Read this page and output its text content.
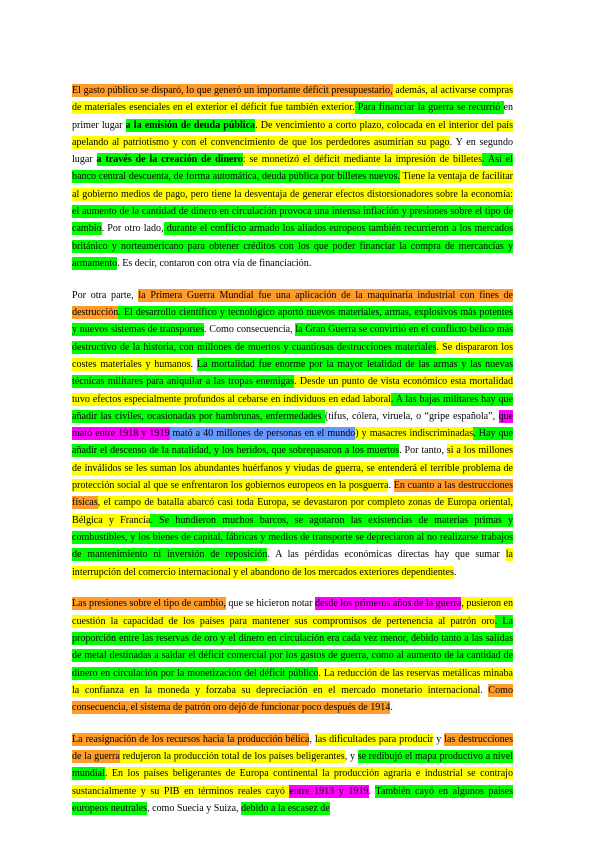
El gasto público se disparó, lo que generó un importante déficit presupuestario, además, al activarse compras de materiales esenciales en el exterior el déficit fue también exterior. Para financiar la guerra se recurrió en primer lugar a la emisión de deuda pública. De vencimiento a corto plazo, colocada en el interior del país apelando al patriotismo y con el convencimiento de que los perdedores asumirían su pago. Y en segundo lugar a través de la creación de dinero: se monetizó el déficit mediante la impresión de billetes. Así el banco central descuenta, de forma automática, deuda pública por billetes nuevos. Tiene la ventaja de facilitar al gobierno medios de pago, pero tiene la desventaja de generar efectos distorsionadores sobre la economía: el aumento de la cantidad de dinero en circulación provoca una intensa inflación y presiones sobre el tipo de cambio. Por otro lado, durante el conflicto armado los aliados europeos también recurrieron a los mercados británico y norteamericano para obtener créditos con los que poder financiar la compra de mercancías y armamento. Es decir, contaron con otra vía de financiación.

Por otra parte, la Primera Guerra Mundial fue una aplicación de la maquinaria industrial con fines de destrucción. El desarrollo científico y tecnológico aportó nuevos materiales, armas, explosivos más potentes y nuevos sistemas de transportes. Como consecuencia, la Gran Guerra se convirtió en el conflicto bélico más destructivo de la historia, con millones de muertos y cuantiosas destrucciones materiales. Se dispararon los costes materiales y humanos. La mortalidad fue enorme por la mayor letalidad de las armas y las nuevas técnicas militares para aniquilar a las tropas enemigas. Desde un punto de vista económico esta mortalidad tuvo efectos especialmente profundos al cebarse en individuos en edad laboral. A las bajas militares hay que añadir las civiles, ocasionadas por hambrunas, enfermedades (tifus, cólera, viruela, o “gripe española”, que mató entre 1918 y 1919 mató a 40 millones de personas en el mundo) y masacres indiscriminadas. Hay que añadir el descenso de la natalidad, y los heridos, que sobrepasaron a los muertos. Por tanto, si a los millones de inválidos se les suman los abundantes huérfanos y viudas de guerra, se entenderá el terrible problema de protección social al que se enfrentaron los gobiernos europeos en la posguerra. En cuanto a las destrucciones físicas, el campo de batalla abarcó casi toda Europa, se devastaron por completo zonas de Europa oriental, Bélgica y Francia. Se hundieron muchos barcos, se agotaron las existencias de materias primas y combustibles, y los bienes de capital, fábricas y medios de transporte se depreciaron al no realizarse trabajos de mantenimiento ni inversión de reposición. A las pérdidas económicas directas hay que sumar la interrupción del comercio internacional y el abandono de los mercados exteriores dependientes.

Las presiones sobre el tipo de cambio, que se hicieron notar desde los primeros años de la guerra, pusieron en cuestión la capacidad de los países para mantener sus compromisos de pertenencia al patrón oro. La proporción entre las reservas de oro y el dinero en circulación era cada vez menor, debido tanto a las salidas de metal destinadas a saldar el déficit comercial por los gastos de guerra, como al aumento de la cantidad de dinero en circulación por la monetización del déficit público. La reducción de las reservas metálicas minaba la confianza en la moneda y forzaba su depreciación en el mercado monetario internacional. Como consecuencia, el sistema de patrón oro dejó de funcionar poco después de 1914.

La reasignación de los recursos hacia la producción bélica, las dificultades para producir y las destrucciones de la guerra redujeron la producción total de los países beligerantes, y se redibujó el mapa productivo a nivel mundial. En los países beligerantes de Europa continental la producción agraria e industrial se contrajo sustancialmente y su PIB en términos reales cayó entre 1913 y 1919. También cayó en algunos países europeos neutrales, como Suecia y Suiza, debido a la escasez de
